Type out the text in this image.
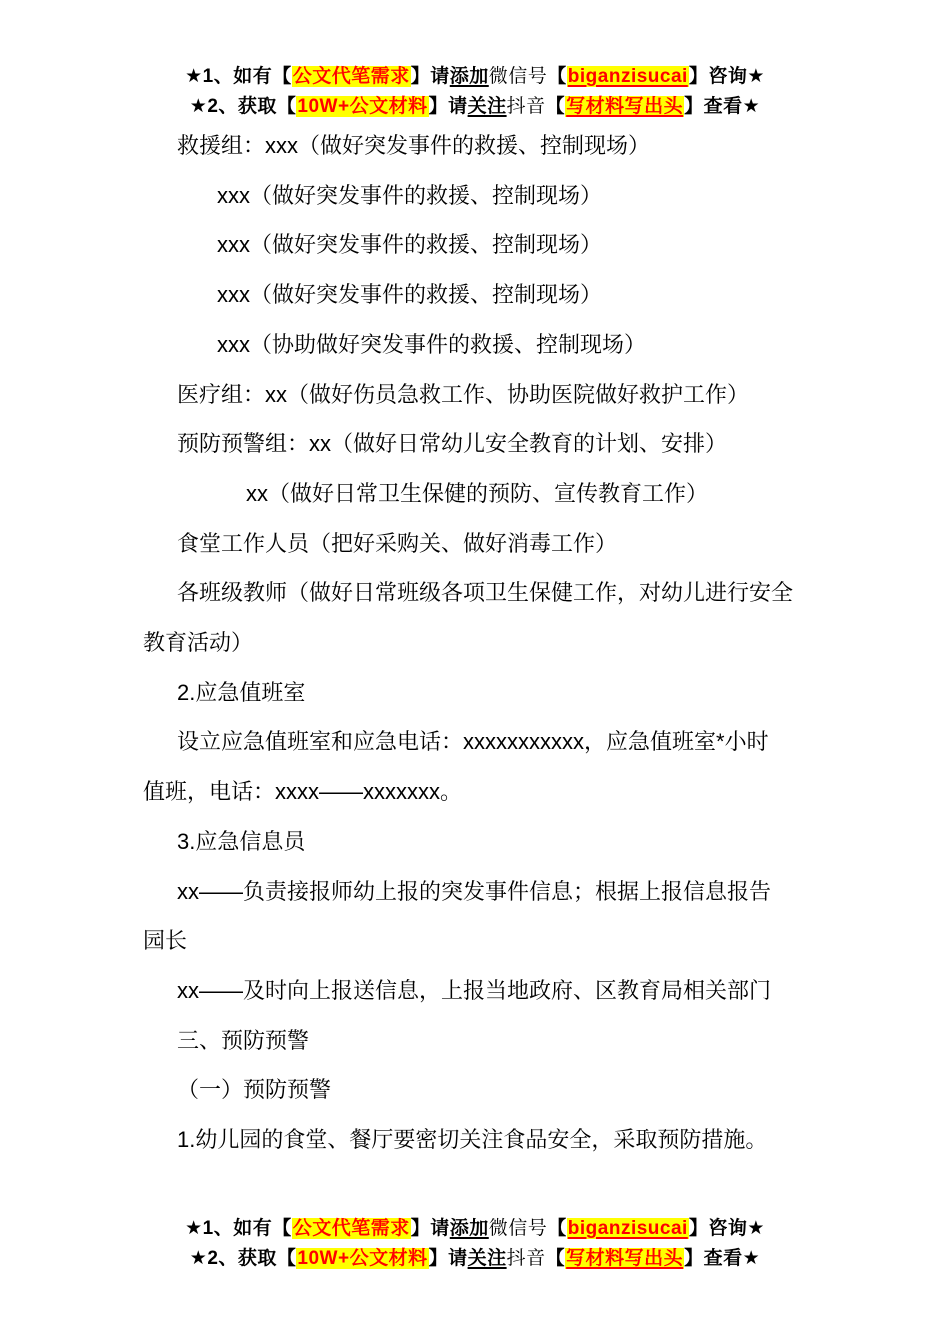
★1、如有【公文代笔需求】请添加微信号【biganzisucai】咨询★
★2、获取【10W+公文材料】请关注抖音【写材料写出头】查看★
救援组：xxx（做好突发事件的救援、控制现场）
xxx（做好突发事件的救援、控制现场）
xxx（做好突发事件的救援、控制现场）
xxx（做好突发事件的救援、控制现场）
xxx（协助做好突发事件的救援、控制现场）
医疗组：xx（做好伤员急救工作、协助医院做好救护工作）
预防预警组：xx（做好日常幼儿安全教育的计划、安排）
xx（做好日常卫生保健的预防、宣传教育工作）
食堂工作人员（把好采购关、做好消毒工作）
各班级教师（做好日常班级各项卫生保健工作，对幼儿进行安全
教育活动）
2.应急值班室
设立应急值班室和应急电话：xxxxxxxxxxx，应急值班室*小时
值班，电话：xxxx——xxxxxxx。
3.应急信息员
xx——负责接报师幼上报的突发事件信息；根据上报信息报告
园长
xx——及时向上报送信息，上报当地政府、区教育局相关部门
三、预防预警
（一）预防预警
1.幼儿园的食堂、餐厅要密切关注食品安全，采取预防措施。
★1、如有【公文代笔需求】请添加微信号【biganzisucai】咨询★
★2、获取【10W+公文材料】请关注抖音【写材料写出头】查看★
